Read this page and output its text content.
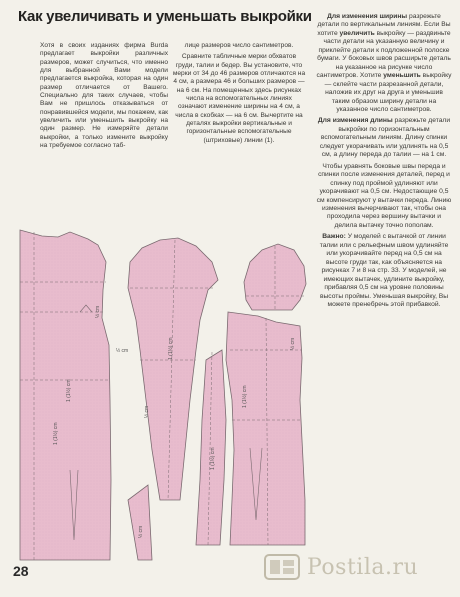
Как увеличивать и уменьшать выкройки
Хотя в своих изданиях фирма Burda предлагает выкройки различных размеров, может случиться, что именно для выбранной Вами модели предлагается выкройка, которая на один размер отличается от Вашего. Специально для таких случаев, чтобы Вам не пришлось отказываться от понравившейся модели, мы покажем, как увеличить или уменьшить выкройку на один размер. Не измеряйте детали выкройки, а только измените выкройку на требуемое согласно таб-

лице размеров число сантиметров.

Сравните табличные мерки обхватов груди, талии и бедер. Вы установите, что мерки от 34 до 46 размеров отличаются на 4 см, а размера 46 и больших размеров — на 6 см. На помещенных здесь рисунках числа на вспомогательных линиях означают изменение ширины на 4 см, а числа в скобках — на 6 см. Вычертите на деталях выкройки вертикальные и горизонтальные вспомогательные (штриховые) линии (1).

Для изменения ширины разрежьте детали по вертикальным линиям. Если Вы хотите увеличить выкройку — раздвиньте части детали на указанную величину и приклейте детали к подложенной полоске бумаги. У боковых швов расширьте деталь на указанное на рисунке число сантиметров. Хотите уменьшить выкройку — склейте части разрезанной детали, наложив их друг на друга и уменьшив таким образом ширину детали на указанное число сантиметров.

Для изменения длины разрежьте детали выкройки по горизонтальным вспомогательным линиям. Длину спинки следует укорачивать или удлинять на 0,5 см, а длину переда до талии — на 1 см.

Чтобы уравнять боковые швы переда и спинки после изменения деталей, перед и спинку под проймой удлиняют или укорачивают на 0,5 см. Недостающие 0,5 см компенсируют у вытачки переда. Линию изменения вычерчивают так, чтобы она проходила через вершину вытачки и делила вытачку точно пополам.

Важно: У моделей с вытачкой от линии талии или с рельефным швом удлиняйте или укорачивайте перед на 0,5 см на высоте груди так, как объясняется на рисунках 7 и 8 на стр. 33. У моделей, не имеющих вытачек, удлините выкройку, прибавляя 0,5 см на уровне половины высоты проймы. Уменьшая выкройку, Вы можете пренебречь этой прибавкой.

1 (1½) cm
½ cm
1 (1½) cm
½ cm
½ cm
1 (1½) cm
½ cm
1 (1½) cm
½ cm
1 (1½) cm
28	Postila.ru
